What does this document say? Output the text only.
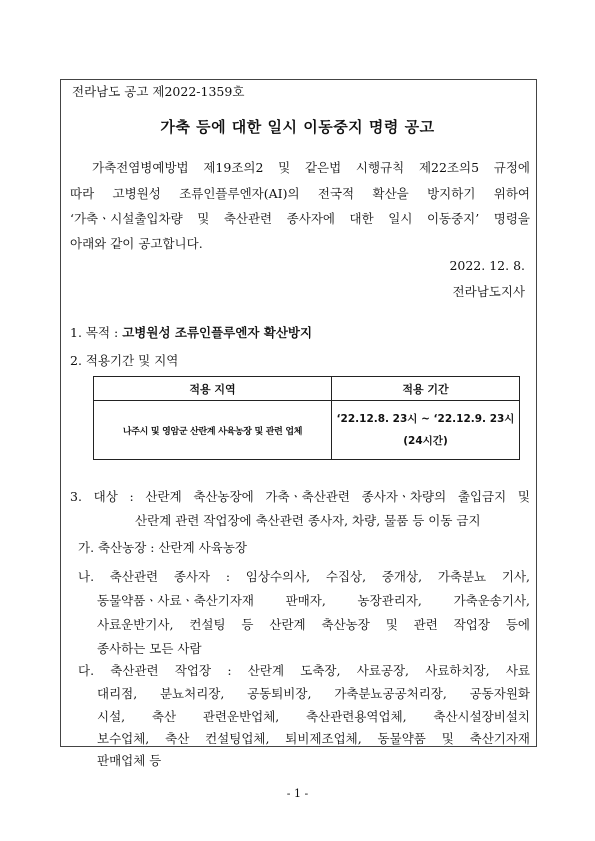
전라남도 공고 제2022-1359호
가축 등에 대한 일시 이동중지 명령 공고
가축전염병예방법 제19조의2 및 같은법 시행규칙 제22조의5 규정에
따라 고병원성 조류인플루엔자(AI)의 전국적 확산을 방지하기 위하여
‘가축ㆍ시설출입차량 및 축산관련 종사자에 대한 일시 이동중지’ 명령을
아래와 같이 공고합니다.
2022. 12. 8.
전라남도지사
1. 목적 : 고병원성 조류인플루엔자 확산방지
2. 적용기간 및 지역
적용 지역	적용 기간
나주시 및 영암군 산란계 사육농장 및 관련 업체	‘22.12.8. 23시 ~ ‘22.12.9. 23시
(24시간)
3. 대상 : 산란계 축산농장에 가축ㆍ축산관련 종사자ㆍ차량의 출입금지 및
산란계 관련 작업장에 축산관련 종사자, 차량, 물품 등 이동 금지
가. 축산농장 : 산란계 사육농장
나. 축산관련 종사자 : 임상수의사, 수집상, 중개상, 가축분뇨 기사,
동물약품ㆍ사료ㆍ축산기자재 판매자, 농장관리자, 가축운송기사,
사료운반기사, 컨설팅 등 산란계 축산농장 및 관련 작업장 등에
종사하는 모든 사람
다. 축산관련 작업장 : 산란계 도축장, 사료공장, 사료하치장, 사료
대리점, 분뇨처리장, 공동퇴비장, 가축분뇨공공처리장, 공동자원화
시설, 축산 관련운반업체, 축산관련용역업체, 축산시설장비설치
보수업체, 축산 컨설팅업체, 퇴비제조업체, 동물약품 및 축산기자재
판매업체 등
- 1 -
